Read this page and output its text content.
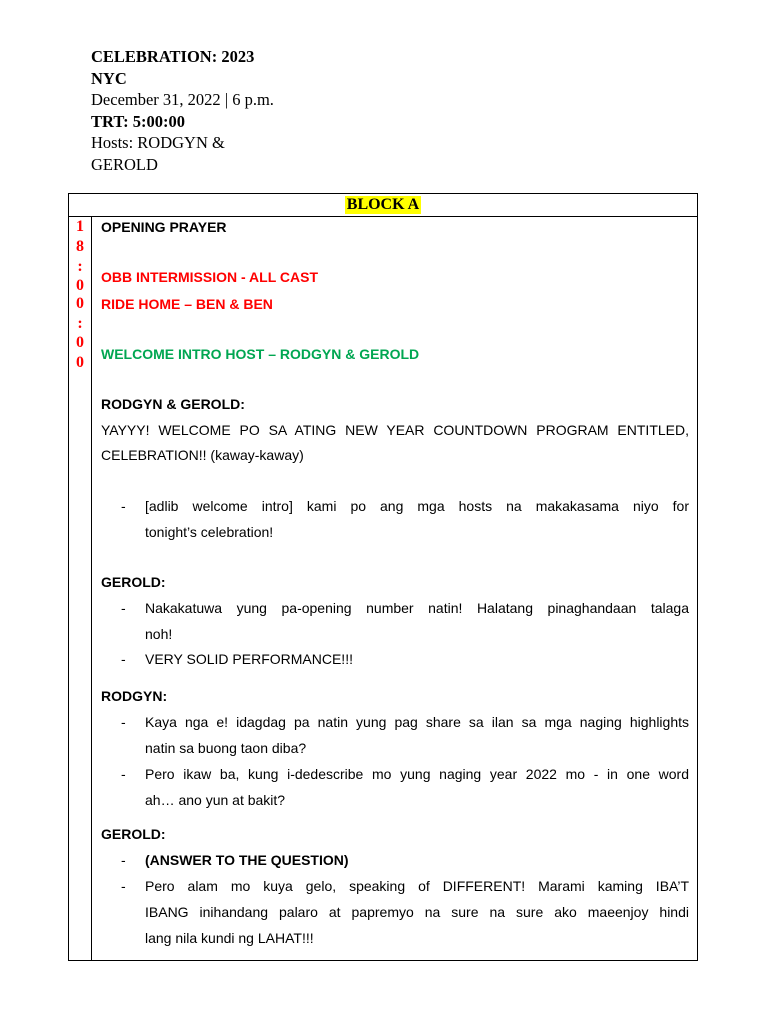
CELEBRATION: 2023
NYC
December 31, 2022 | 6 p.m.
TRT: 5:00:00
Hosts: RODGYN &
GEROLD
BLOCK A
1
8
:
0
0
:
0
0
OPENING PRAYER
OBB INTERMISSION - ALL CAST
RIDE HOME – BEN & BEN
WELCOME INTRO HOST – RODGYN & GEROLD
RODGYN & GEROLD:
YAYYY! WELCOME PO SA ATING NEW YEAR COUNTDOWN PROGRAM ENTITLED,
CELEBRATION!! (kaway-kaway)
- [adlib welcome intro] kami po ang mga hosts na makakasama niyo for
tonight’s celebration!
GEROLD:
- Nakakatuwa yung pa-opening number natin! Halatang pinaghandaan talaga
noh!
- VERY SOLID PERFORMANCE!!!
RODGYN:
- Kaya nga e! idagdag pa natin yung pag share sa ilan sa mga naging highlights
natin sa buong taon diba?
- Pero ikaw ba, kung i-dedescribe mo yung naging year 2022 mo - in one word
ah… ano yun at bakit?
GEROLD:
- (ANSWER TO THE QUESTION)
- Pero alam mo kuya gelo, speaking of DIFFERENT! Marami kaming IBA’T
IBANG inihandang palaro at papremyo na sure na sure ako maeenjoy hindi
lang nila kundi ng LAHAT!!!
